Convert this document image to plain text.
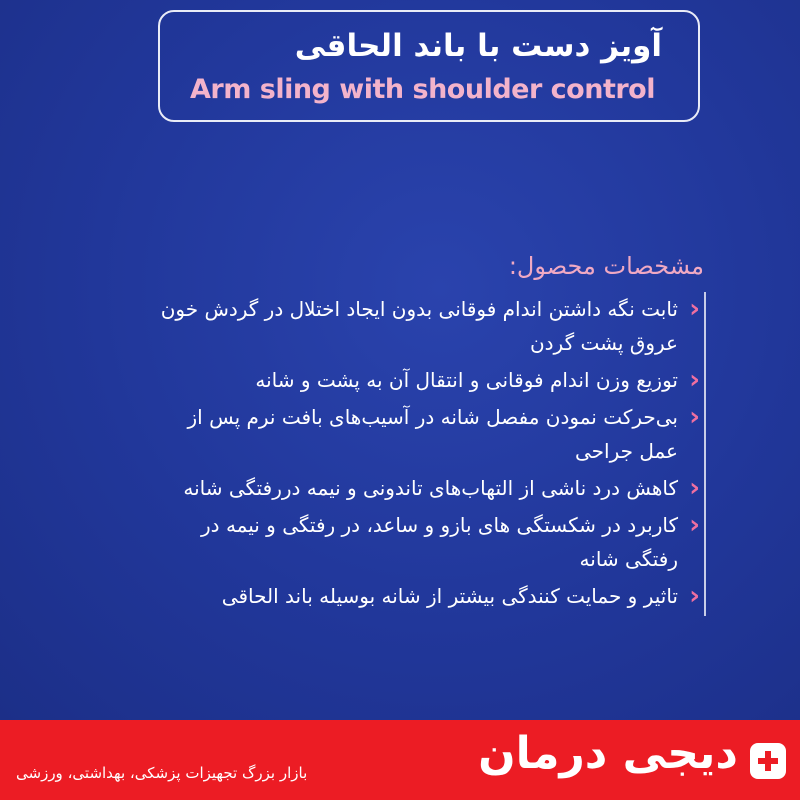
آویز دست با باند الحاقی
Arm sling with shoulder control
مشخصات محصول:
‹
ثابت نگه داشتن اندام فوقانی بدون ایجاد اختلال در گردش خون عروق پشت گردن
‹
توزیع وزن اندام فوقانی و انتقال آن به پشت و شانه
‹
بی‌حرکت نمودن مفصل شانه در آسیب‌های بافت نرم پس از عمل جراحی
‹
کاهش درد ناشی از التهاب‌های تاندونی و نیمه دررفتگی شانه
‹
کاربرد در شکستگی های بازو و ساعد، در رفتگی و نیمه در رفتگی شانه
‹
تاثیر و حمایت کنندگی بیشتر از شانه بوسیله باند الحاقی
دیجی درمان
بازار بزرگ تجهیزات پزشکی، بهداشتی، ورزشی
